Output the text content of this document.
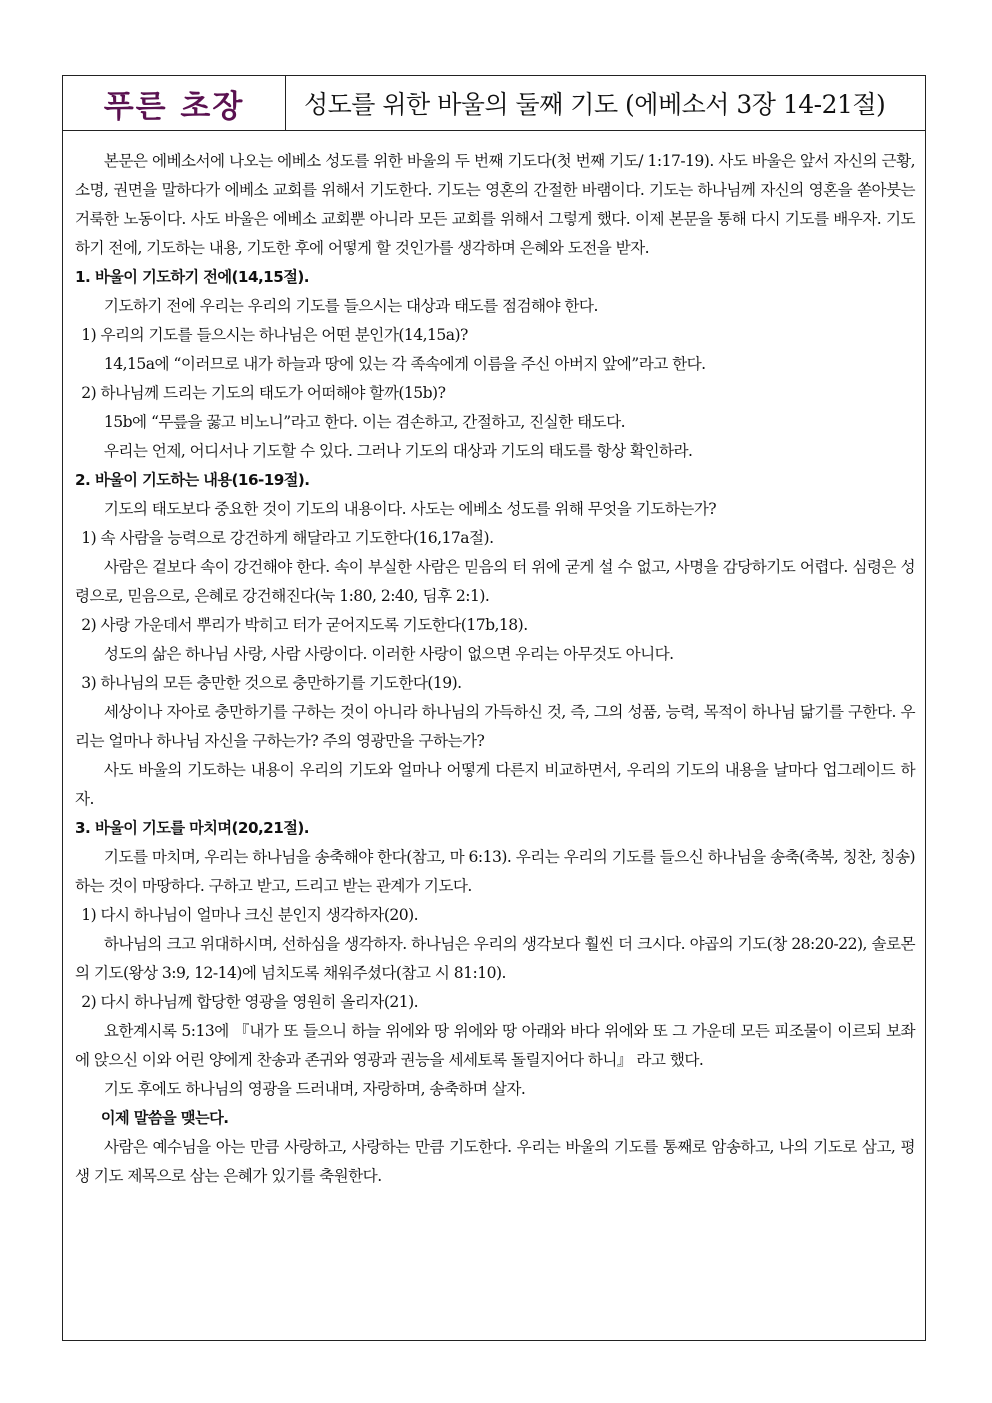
푸른 초장	성도를 위한 바울의 둘째 기도 (에베소서 3장 14-21절)

본문은 에베소서에 나오는 에베소 성도를 위한 바울의 두 번째 기도다(첫 번째 기도/ 1:17-19). 사도 바울은 앞서 자신의 근황, 소명, 권면을 말하다가 에베소 교회를 위해서 기도한다. 기도는 영혼의 간절한 바램이다. 기도는 하나님께 자신의 영혼을 쏟아붓는 거룩한 노동이다. 사도 바울은 에베소 교회뿐 아니라 모든 교회를 위해서 그렇게 했다. 이제 본문을 통해 다시 기도를 배우자. 기도하기 전에, 기도하는 내용, 기도한 후에 어떻게 할 것인가를 생각하며 은혜와 도전을 받자.

1. 바울이 기도하기 전에(14,15절).

기도하기 전에 우리는 우리의 기도를 들으시는 대상과 태도를 점검해야 한다.

1) 우리의 기도를 들으시는 하나님은 어떤 분인가(14,15a)?

14,15a에 “이러므로 내가 하늘과 땅에 있는 각 족속에게 이름을 주신 아버지 앞에”라고 한다.

2) 하나님께 드리는 기도의 태도가 어떠해야 할까(15b)?

15b에 “무릎을 꿇고 비노니”라고 한다. 이는 겸손하고, 간절하고, 진실한 태도다.

우리는 언제, 어디서나 기도할 수 있다. 그러나 기도의 대상과 기도의 태도를 항상 확인하라.

2. 바울이 기도하는 내용(16-19절).

기도의 태도보다 중요한 것이 기도의 내용이다. 사도는 에베소 성도를 위해 무엇을 기도하는가?

1) 속 사람을 능력으로 강건하게 해달라고 기도한다(16,17a절).

사람은 겉보다 속이 강건해야 한다. 속이 부실한 사람은 믿음의 터 위에 굳게 설 수 없고, 사명을 감당하기도 어렵다. 심령은 성령으로, 믿음으로, 은혜로 강건해진다(눅 1:80, 2:40, 딤후 2:1).

2) 사랑 가운데서 뿌리가 박히고 터가 굳어지도록 기도한다(17b,18).

성도의 삶은 하나님 사랑, 사람 사랑이다. 이러한 사랑이 없으면 우리는 아무것도 아니다.

3) 하나님의 모든 충만한 것으로 충만하기를 기도한다(19).

세상이나 자아로 충만하기를 구하는 것이 아니라 하나님의 가득하신 것, 즉, 그의 성품, 능력, 목적이 하나님 닮기를 구한다. 우리는 얼마나 하나님 자신을 구하는가? 주의 영광만을 구하는가?

사도 바울의 기도하는 내용이 우리의 기도와 얼마나 어떻게 다른지 비교하면서, 우리의 기도의 내용을 날마다 업그레이드 하자.

3. 바울이 기도를 마치며(20,21절).

기도를 마치며, 우리는 하나님을 송축해야 한다(참고, 마 6:13). 우리는 우리의 기도를 들으신 하나님을 송축(축복, 칭찬, 칭송)하는 것이 마땅하다. 구하고 받고, 드리고 받는 관계가 기도다.

1) 다시 하나님이 얼마나 크신 분인지 생각하자(20).

하나님의 크고 위대하시며, 선하심을 생각하자. 하나님은 우리의 생각보다 훨씬 더 크시다. 야곱의 기도(창 28:20-22), 솔로몬의 기도(왕상 3:9, 12-14)에 넘치도록 채워주셨다(참고 시 81:10).

2) 다시 하나님께 합당한 영광을 영원히 올리자(21).

요한계시록 5:13에 『내가 또 들으니 하늘 위에와 땅 위에와 땅 아래와 바다 위에와 또 그 가운데 모든 피조물이 이르되 보좌에 앉으신 이와 어린 양에게 찬송과 존귀와 영광과 권능을 세세토록 돌릴지어다 하니』 라고 했다.

기도 후에도 하나님의 영광을 드러내며, 자랑하며, 송축하며 살자.

이제 말씀을 맺는다.

사람은 예수님을 아는 만큼 사랑하고, 사랑하는 만큼 기도한다. 우리는 바울의 기도를 통째로 암송하고, 나의 기도로 삼고, 평생 기도 제목으로 삼는 은혜가 있기를 축원한다.
